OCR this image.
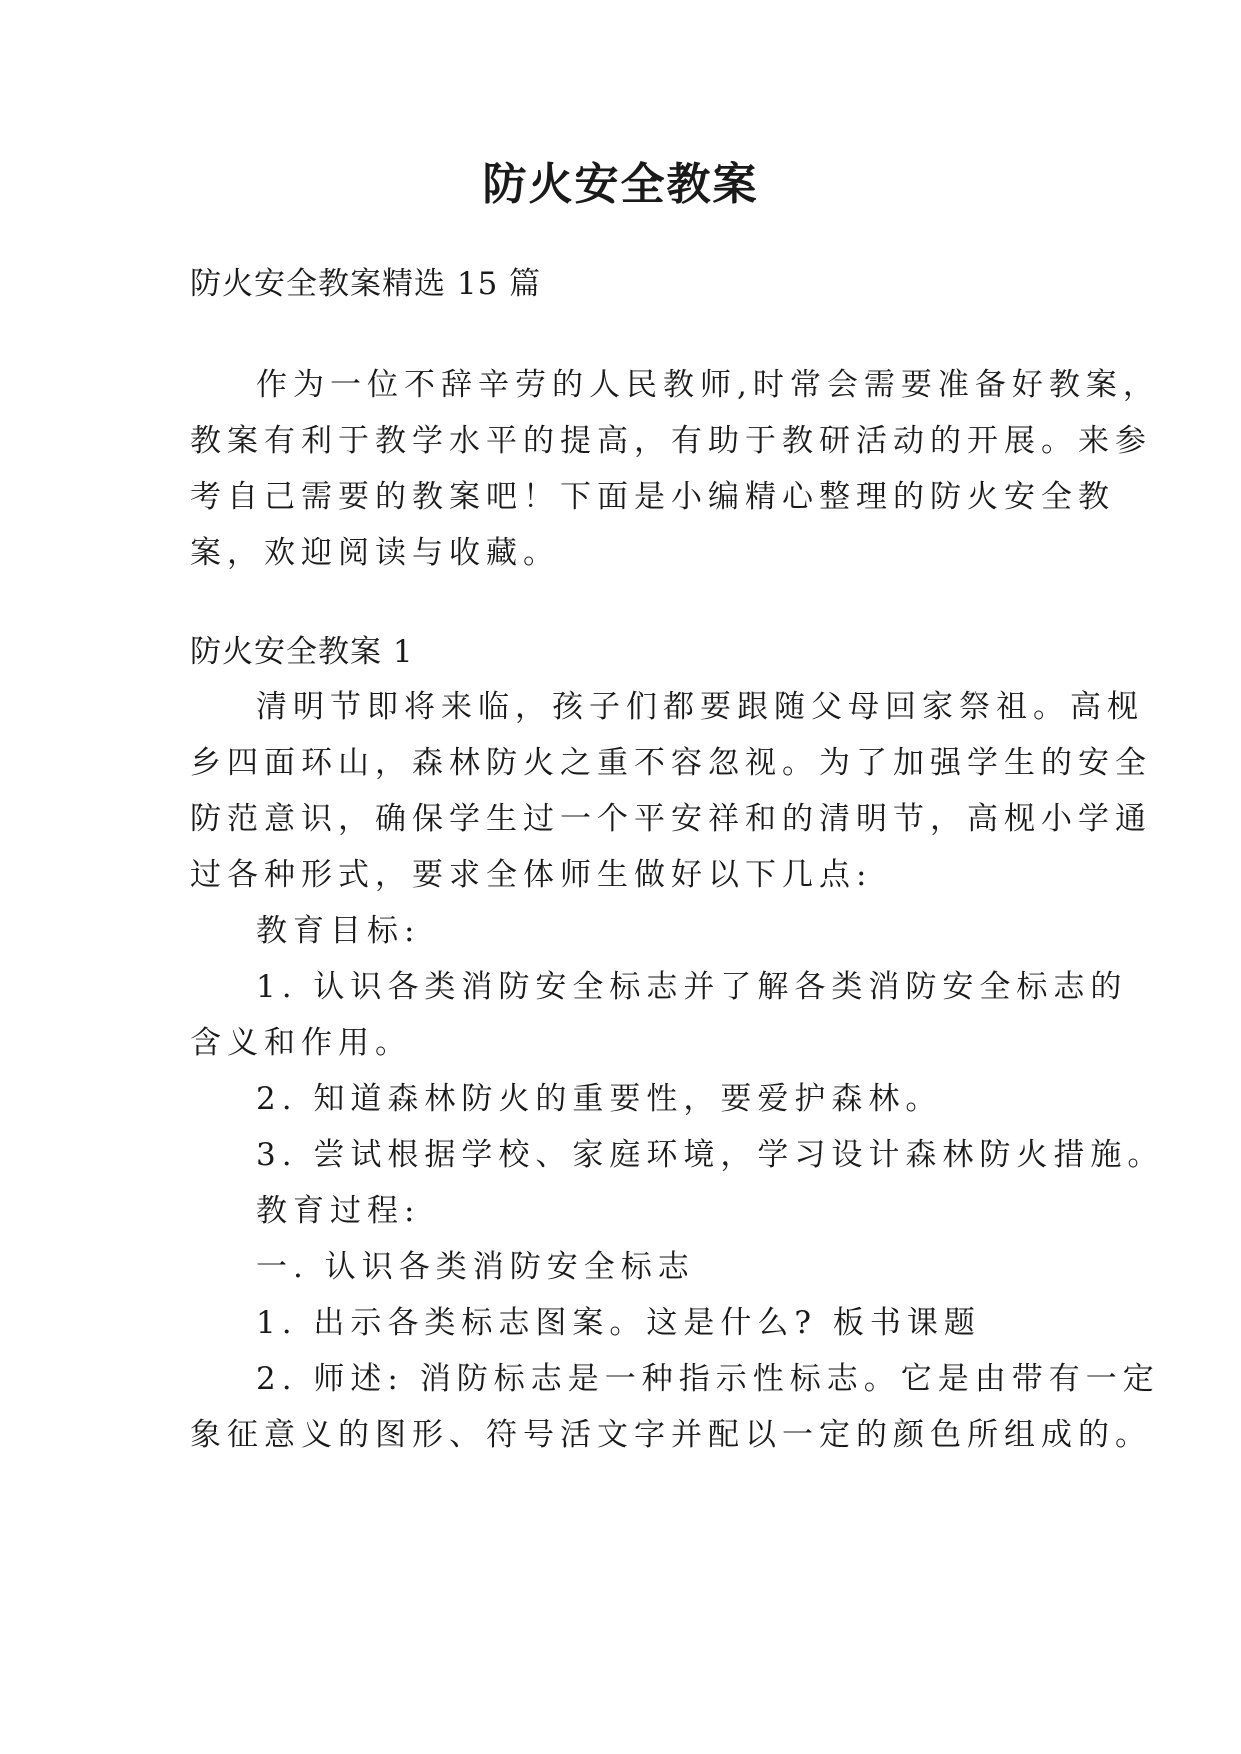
防火安全教案
防火安全教案精选 15 篇
作为一位不辞辛劳的人民教师,时常会需要准备好教案，
教案有利于教学水平的提高，有助于教研活动的开展。来参
考自己需要的教案吧！下面是小编精心整理的防火安全教
案，欢迎阅读与收藏。
防火安全教案 1
清明节即将来临，孩子们都要跟随父母回家祭祖。高枧
乡四面环山，森林防火之重不容忽视。为了加强学生的安全
防范意识，确保学生过一个平安祥和的清明节，高枧小学通
过各种形式，要求全体师生做好以下几点:
教育目标:
1. 认识各类消防安全标志并了解各类消防安全标志的
含义和作用。
2. 知道森林防火的重要性，要爱护森林。
3. 尝试根据学校、家庭环境，学习设计森林防火措施。
教育过程:
一. 认识各类消防安全标志
1. 出示各类标志图案。这是什么? 板书课题
2. 师述: 消防标志是一种指示性标志。它是由带有一定
象征意义的图形、符号活文字并配以一定的颜色所组成的。
